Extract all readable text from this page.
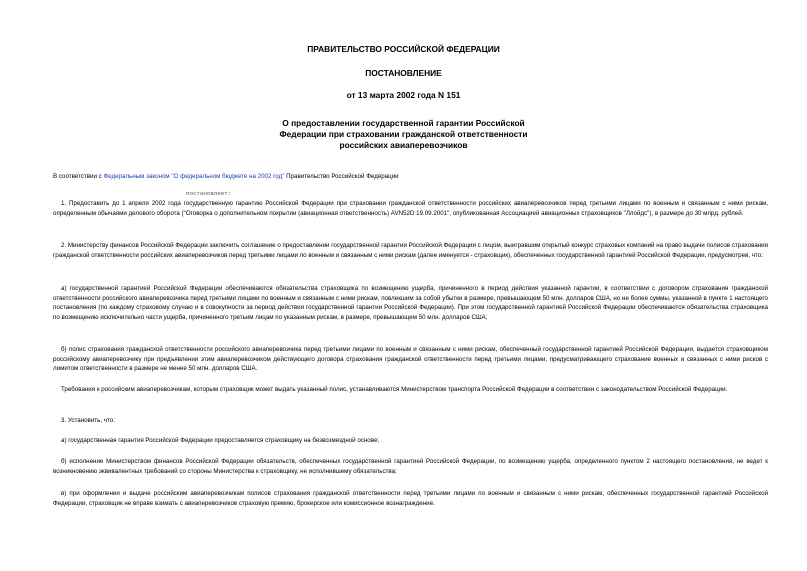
ПРАВИТЕЛЬСТВО РОССИЙСКОЙ ФЕДЕРАЦИИ
ПОСТАНОВЛЕНИЕ
от 13 марта 2002 года N 151
О предоставлении государственной гарантии Российской
Федерации при страховании гражданской ответственности
российских авиаперевозчиков
В соответствии с Федеральным законом "О федеральном бюджете на 2002 год" Правительство Российской Федерации
постановляет:
1. Предоставить до 1 апреля 2002 года государственную гарантию Российской Федерации при страховании гражданской ответственности российских авиаперевозчиков перед третьими лицами по военным и связанным с ними рискам, определенным обычаями делового оборота ("Оговорка о дополнительном покрытии (авиационная ответственность) AVN52D 19.09.2001", опубликованная Ассоциацией авиационных страховщиков "Ллойдс"), в размере до 30 млрд. рублей.
2. Министерству финансов Российской Федерации заключить соглашение о предоставлении государственной гарантии Российской Федерации с лицом, выигравшим открытый конкурс страховых компаний на право выдачи полисов страхования гражданской ответственности российских авиаперевозчиков перед третьими лицами по военным и связанным с ними рискам (далее именуется - страховщик), обеспеченных государственной гарантией Российской Федерации, предусмотрев, что:
а) государственной гарантией Российской Федерации обеспечиваются обязательства страховщика по возмещению ущерба, причиненного в период действия указанной гарантии, в соответствии с договором страхования гражданской ответственности российского авиаперевозчика перед третьими лицами по военным и связанным с ними рискам, повлекшим за собой убытки в размере, превышающем 50 млн. долларов США, но не более суммы, указанной в пункте 1 настоящего постановления (по каждому страховому случаю и в совокупности за период действия государственной гарантии Российской Федерации). При этом государственной гарантией Российской Федерации обеспечиваются обязательства страховщика по возмещению исключительно части ущерба, причиненного третьим лицам по указанным рискам, в размере, превышающем 50 млн. долларов США;
б) полис страхования гражданской ответственности российского авиаперевозчика перед третьими лицами по военным и связанным с ними рискам, обеспеченный государственной гарантией Российской Федерации, выдается страховщиком российскому авиаперевозчику при предъявлении этим авиаперевозчиком действующего договора страхования гражданской ответственности перед третьими лицами, предусматривающего страхование военных и связанных с ними рисков с лимитом ответственности в размере не менее 50 млн. долларов США.
Требования к российским авиаперевозчикам, которым страховщик может выдать указанный полис, устанавливаются Министерством транспорта Российской Федерации в соответствии с законодательством Российской Федерации.
3. Установить, что:
а) государственная гарантия Российской Федерации предоставляется страховщику на безвозмездной основе;
б) исполнение Министерством финансов Российской Федерации обязательств, обеспеченных государственной гарантией Российской Федерации, по возмещению ущерба, определенного пунктом 2 настоящего постановления, не ведет к возникновению эквивалентных требований со стороны Министерства к страховщику, не исполнившему обязательства;
в) при оформлении и выдаче российским авиаперевозчикам полисов страхования гражданской ответственности перед третьими лицами по военным и связанным с ними рискам, обеспеченных государственной гарантией Российской Федерации, страховщик не вправе взимать с авиаперевозчиков страховую премию, брокерское или комиссионное вознаграждение.
